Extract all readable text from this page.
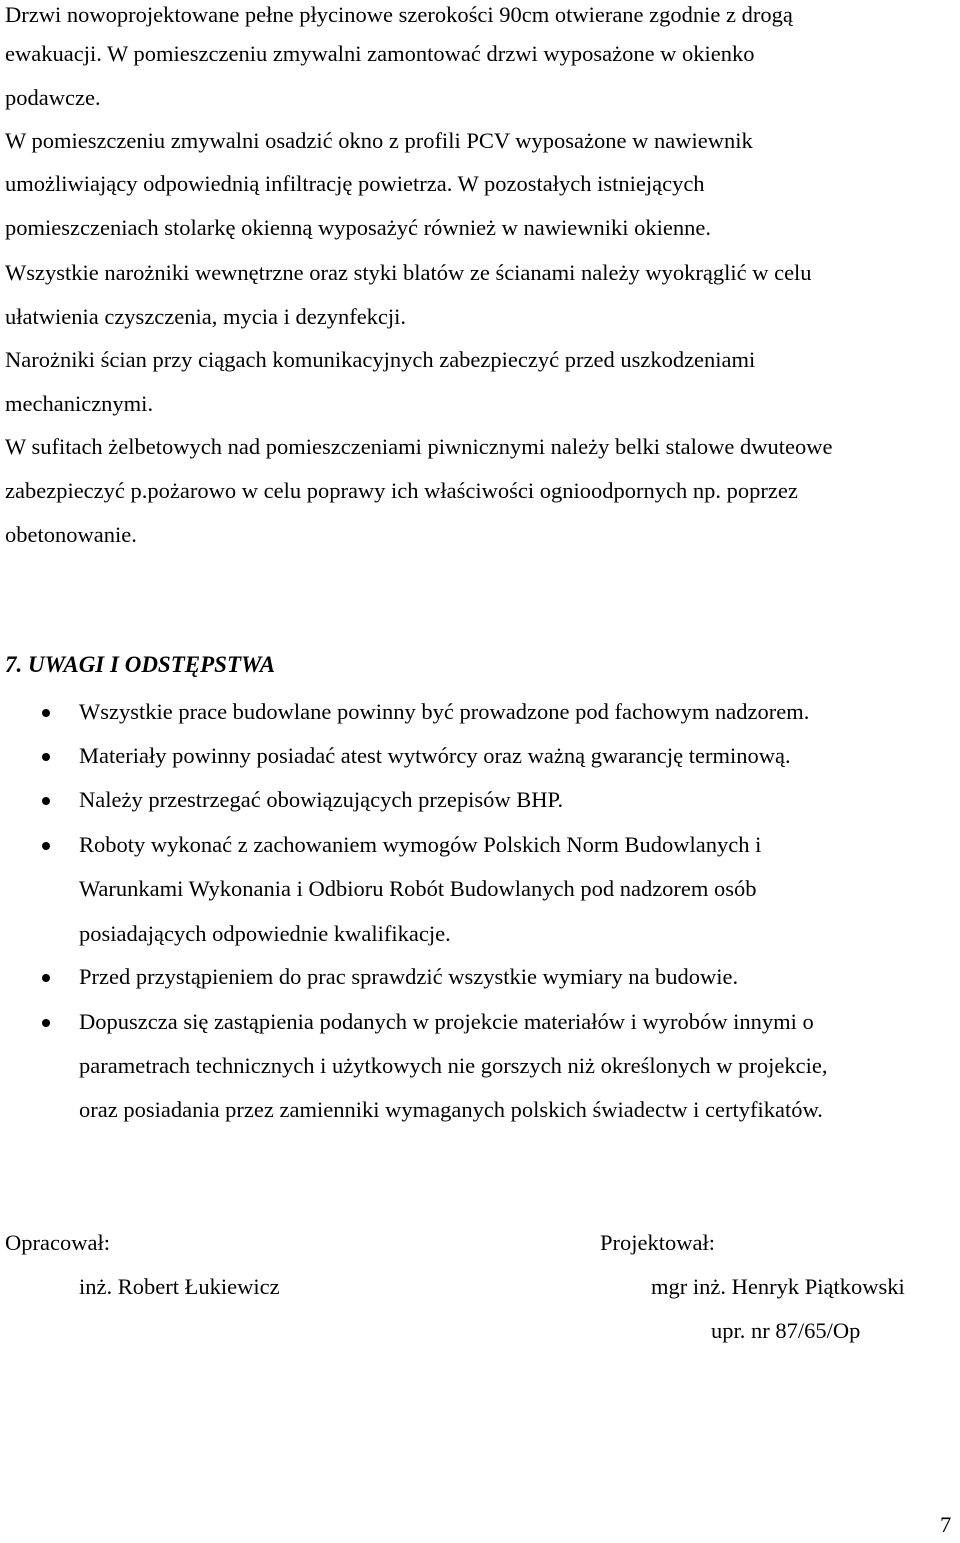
Drzwi nowoprojektowane pełne płycinowe szerokości 90cm otwierane zgodnie z drogą
ewakuacji. W pomieszczeniu zmywalni zamontować drzwi wyposażone w okienko
podawcze.
W pomieszczeniu zmywalni osadzić okno z profili PCV wyposażone w nawiewnik
umożliwiający odpowiednią infiltrację powietrza. W pozostałych istniejących
pomieszczeniach stolarkę okienną wyposażyć również w nawiewniki okienne.
Wszystkie narożniki wewnętrzne oraz styki blatów ze ścianami należy wyokrąglić w celu
ułatwienia czyszczenia, mycia i dezynfekcji.
Narożniki ścian przy ciągach komunikacyjnych zabezpieczyć przed uszkodzeniami
mechanicznymi.
W sufitach żelbetowych nad pomieszczeniami piwnicznymi należy belki stalowe dwuteowe
zabezpieczyć p.pożarowo w celu poprawy ich właściwości ognioodpornych np. poprzez
obetonowanie.
7. UWAGI I ODSTĘPSTWA
Wszystkie prace budowlane powinny być prowadzone pod fachowym nadzorem.
Materiały powinny posiadać atest wytwórcy oraz ważną gwarancję terminową.
Należy przestrzegać obowiązujących przepisów BHP.
Roboty wykonać z zachowaniem wymogów Polskich Norm Budowlanych i
Warunkami Wykonania i Odbioru Robót Budowlanych pod nadzorem osób
posiadających odpowiednie kwalifikacje.
Przed przystąpieniem do prac sprawdzić wszystkie wymiary na budowie.
Dopuszcza się zastąpienia podanych w projekcie materiałów i wyrobów innymi o
parametrach technicznych i użytkowych nie gorszych niż określonych w projekcie,
oraz posiadania przez zamienniki wymaganych polskich świadectw i certyfikatów.
Opracował:
inż. Robert Łukiewicz
Projektował:
mgr inż. Henryk Piątkowski
upr. nr 87/65/Op
7
